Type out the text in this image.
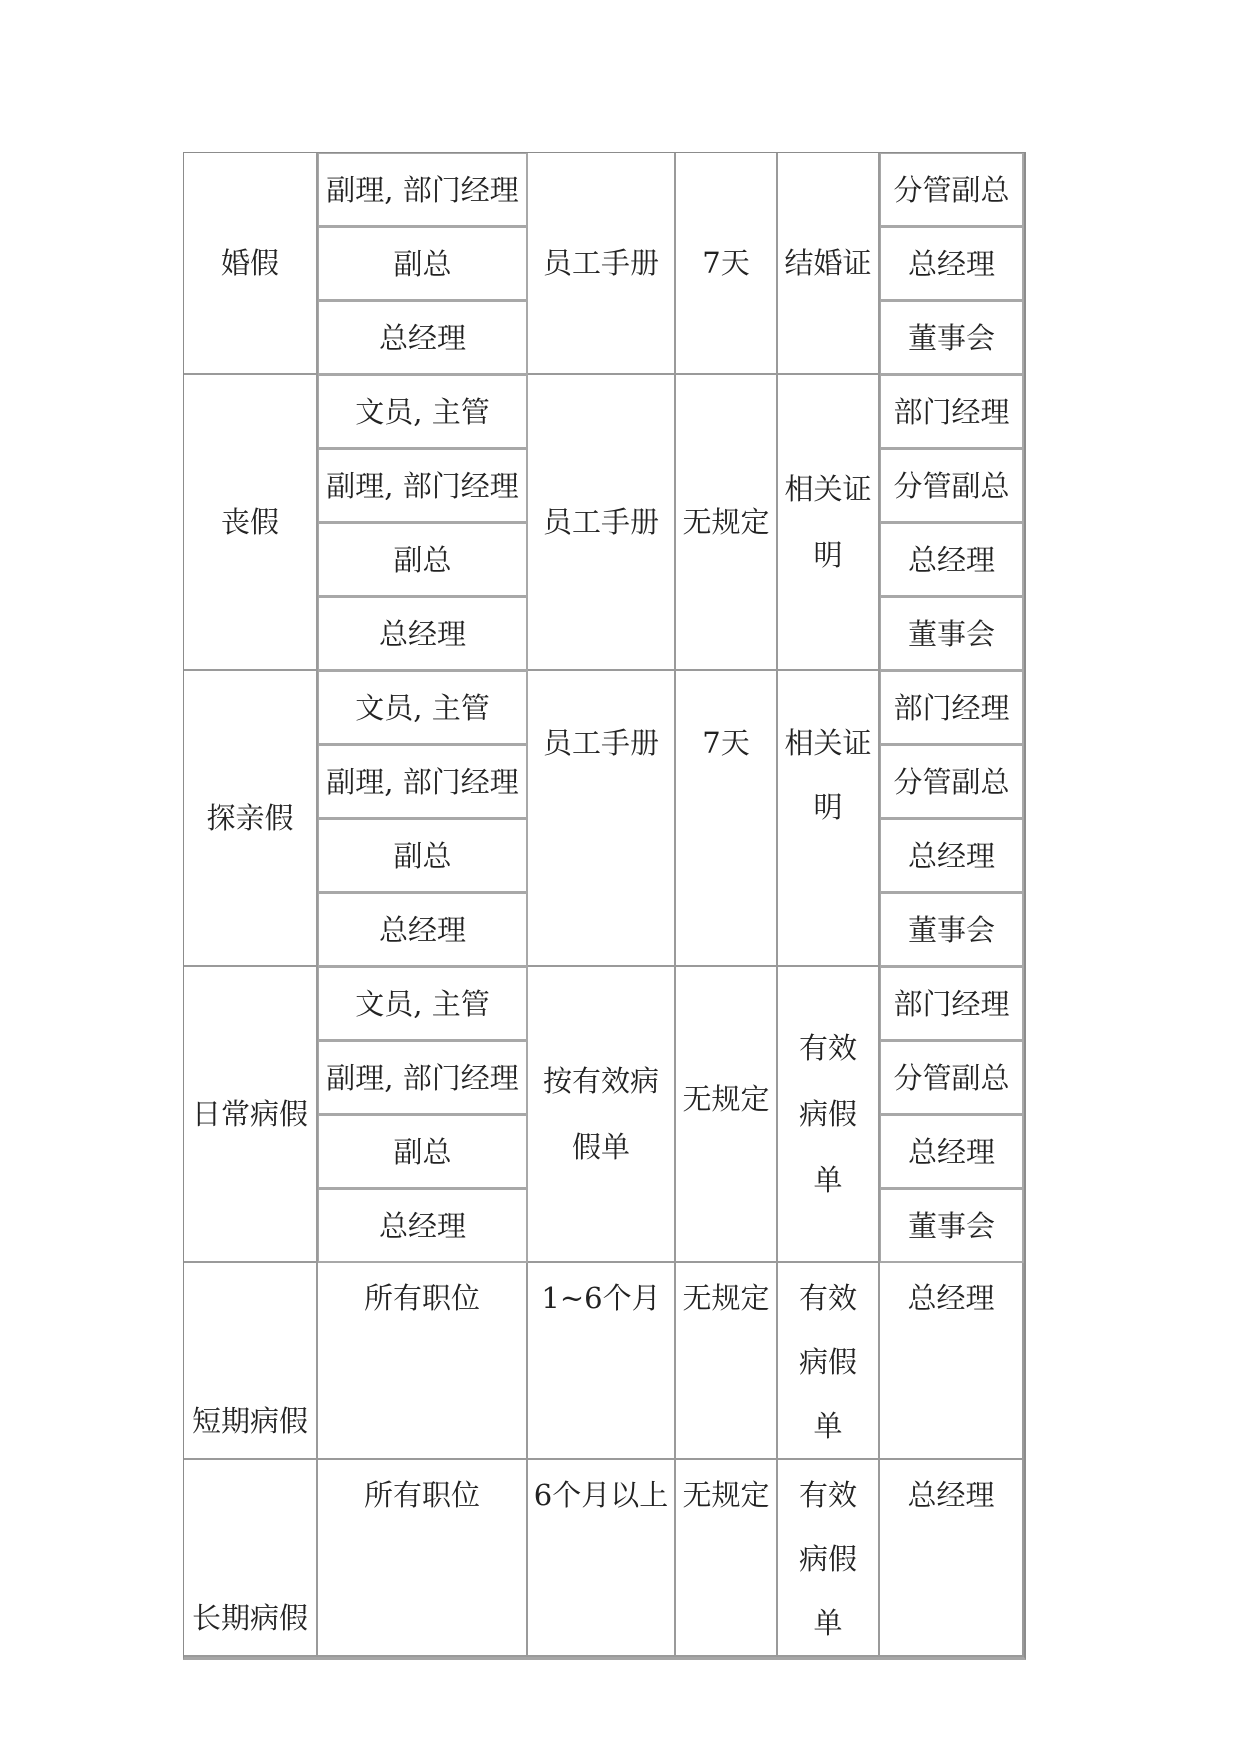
婚假	副理, 部门经理	员工手册	7天	结婚证	分管副总
	副总				总经理
	总经理				董事会
丧假	文员, 主管	员工手册	无规定	相关证明	部门经理
	副理, 部门经理				分管副总
	副总				总经理
	总经理				董事会
探亲假	文员, 主管	员工手册	7天	相关证明	部门经理
	副理, 部门经理				分管副总
	副总				总经理
	总经理				董事会
日常病假	文员, 主管	按有效病假单	无规定	有效病假单	部门经理
	副理, 部门经理				分管副总
	副总				总经理
	总经理				董事会
短期病假	所有职位	1~6个月	无规定	有效病假单	总经理
长期病假	所有职位	6个月以上	无规定	有效病假单	总经理
